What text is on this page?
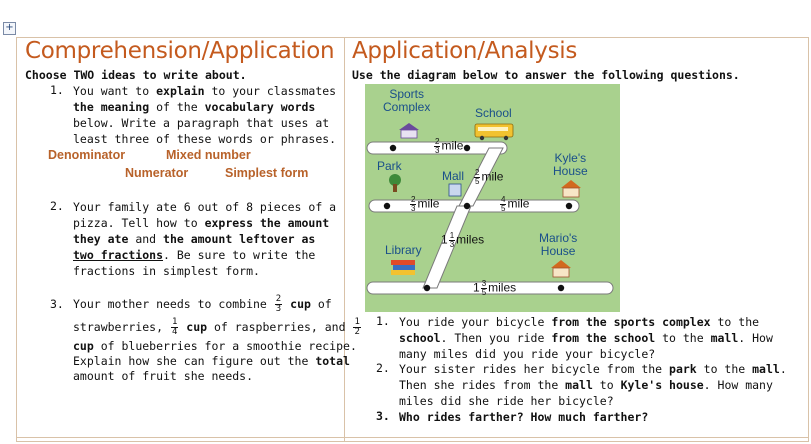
+
Comprehension/Application
Choose TWO ideas to write about.
1. You want to explain to your classmates
the meaning of the vocabulary words
below. Write a paragraph that uses at
least three of these words or phrases.
Denominator	Mixed number
Numerator	Simplest form
2. Your family ate 6 out of 8 pieces of a
pizza. Tell how to express the amount
they ate and the amount leftover as
two fractions. Be sure to write the
fractions in simplest form.
3. Your mother needs to combine $\frac{2}{3}$ cup of
strawberries, $\frac{1}{4}$ cup of raspberries, and $\frac{1}{2}$
cup of blueberries for a smoothie recipe.
Explain how she can figure out the total
amount of fruit she needs.
Application/Analysis
Use the diagram below to answer the following questions.
Sports
Complex	School
Park
Mall
Kyle's
House
Library
Mario's
House
$\frac{2}{3}$ mile
$\frac{2}{5}$ mile
$\frac{2}{3}$ mile	$\frac{4}{5}$ mile
$1 \frac{1}{3}$ miles
$1 \frac{3}{5}$ miles
1. You ride your bicycle from the sports complex to the
school. Then you ride from the school to the mall. How
many miles did you ride your bicycle?
2. Your sister rides her bicycle from the park to the mall.
Then she rides from the mall to Kyle's house. How many
miles did she ride her bicycle?
3. Who rides farther? How much farther?
